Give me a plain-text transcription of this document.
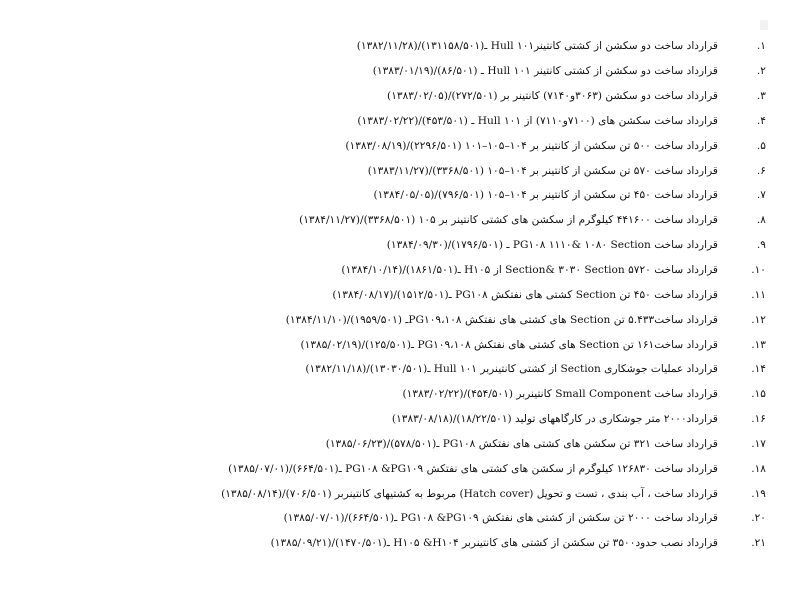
۱.
قرارداد ساخت دو سکشن از کشتی کانتینر۱۰۱ Hull ـ(۱۳۱۱۵۸/۵۰۱)/(۱۳۸۲/۱۱/۲۸)
۲.
قرارداد ساخت دو سکشن از کشتی کانتینر ۱۰۱ Hull ـ (۸۶/۵۰۱)/(۱۳۸۳/۰۱/۱۹)
۳.
قرارداد ساخت دو سکشن (۳۰۶۳و۷۱۴۰) کانتینر بر (۲۷۲/۵۰۱)/(۱۳۸۳/۰۲/۰۵)
۴.
قرارداد ساخت سکشن های (۷۱۰۰و۷۱۱۰) از ۱۰۱ Hull ـ (۴۵۳/۵۰۱)/(۱۳۸۳/۰۲/۲۲)
۵.
قرارداد ساخت ۵۰۰ تن سکشن از کانتینر بر ۱۰۴–۱۰۵–۱۰۱ (۲۲۹۶/۵۰۱)/(۱۳۸۳/۰۸/۱۹)
۶.
قرارداد ساخت ۵۷۰ تن سکشن از کانتینر بر ۱۰۴–۱۰۵ (۳۳۶۸/۵۰۱)/(۱۳۸۳/۱۱/۲۷)
۷.
قرارداد ساخت ۴۵۰ تن سکشن از کانتینر بر ۱۰۴–۱۰۵ (۷۹۶/۵۰۱)/(۱۳۸۴/۰۵/۰۵)
۸.
قرارداد ساخت ۴۴۱۶۰۰ کیلوگرم از سکشن های کشتی کانتینر بر ۱۰۵ (۳۳۶۸/۵۰۱)/(۱۳۸۴/۱۱/۲۷)
۹.
قرارداد ساخت PG۱۰۸ ۱۱۱۰& ۱۰۸۰ Section ـ (۱۷۹۶/۵۰۱)/(۱۳۸۴/۰۹/۳۰)
۱۰.
قرارداد ساخت ۵۷۲۰ Section& ۳۰۳۰ Section از H۱۰۵ ـ(۱۸۶۱/۵۰۱)/(۱۳۸۴/۱۰/۱۴)
۱۱.
قرارداد ساخت ۴۵۰ تن Section کشتی های نفتکش PG۱۰۸ ـ(۱۵۱۲/۵۰۱)/(۱۳۸۴/۰۸/۱۷)
۱۲.
قرارداد ساخت۵.۴۳۳ تن Section های کشتی های نفتکش PG۱۰۹،۱۰۸ـ (۱۹۵۹/۵۰۱)/(۱۳۸۴/۱۱/۱۰)
۱۳.
قرارداد ساخت۱۶۱ تن Section های کشتی های نفتکش PG۱۰۹،۱۰۸ ـ(۱۲۵/۵۰۱)/(۱۳۸۵/۰۲/۱۹)
۱۴.
قرارداد عملیات جوشکاری Section از کشتی کانتینربر ۱۰۱ Hull ـ(۱۳۰۳۰/۵۰۱)/(۱۳۸۲/۱۱/۱۸)
۱۵.
قرارداد ساخت Small Component کانتینربر (۴۵۴/۵۰۱)/(۱۳۸۳/۰۲/۲۲)
۱۶.
قرارداد۲۰۰۰ متر جوشکاری در کارگاههای تولید (۱۸/۲۲/۵۰۱)/(۱۳۸۳/۰۸/۱۸)
۱۷.
قرارداد ساخت ۳۲۱ تن سکشن های کشتی های نفتکش PG۱۰۸ ـ(۵۷۸/۵۰۱)/(۱۳۸۵/۰۶/۲۳)
۱۸.
قرارداد ساخت ۱۲۶۸۳۰ کیلوگرم از سکشن های کشتی های نفتکش PG۱۰۸ &PG۱۰۹ ـ(۶۶۴/۵۰۱)/(۱۳۸۵/۰۷/۰۱)
۱۹.
قرارداد ساخت ، آب بندی ، تست و تحویل (Hatch cover) مربوط به کشتیهای کانتینربر (۷۰۶/۵۰۱)/(۱۳۸۵/۰۸/۱۴)
۲۰.
قرارداد ساخت ۲۰۰۰ تن سکشن از کشتی های نفتکش PG۱۰۸ &PG۱۰۹ ـ(۶۶۴/۵۰۱)/(۱۳۸۵/۰۷/۰۱)
۲۱.
قرارداد نصب حدود۳۵۰۰ تن سکشن از کشتی های کانتینربر H۱۰۵ &H۱۰۴ ـ(۱۴۷۰/۵۰۱)/(۱۳۸۵/۰۹/۲۱)
